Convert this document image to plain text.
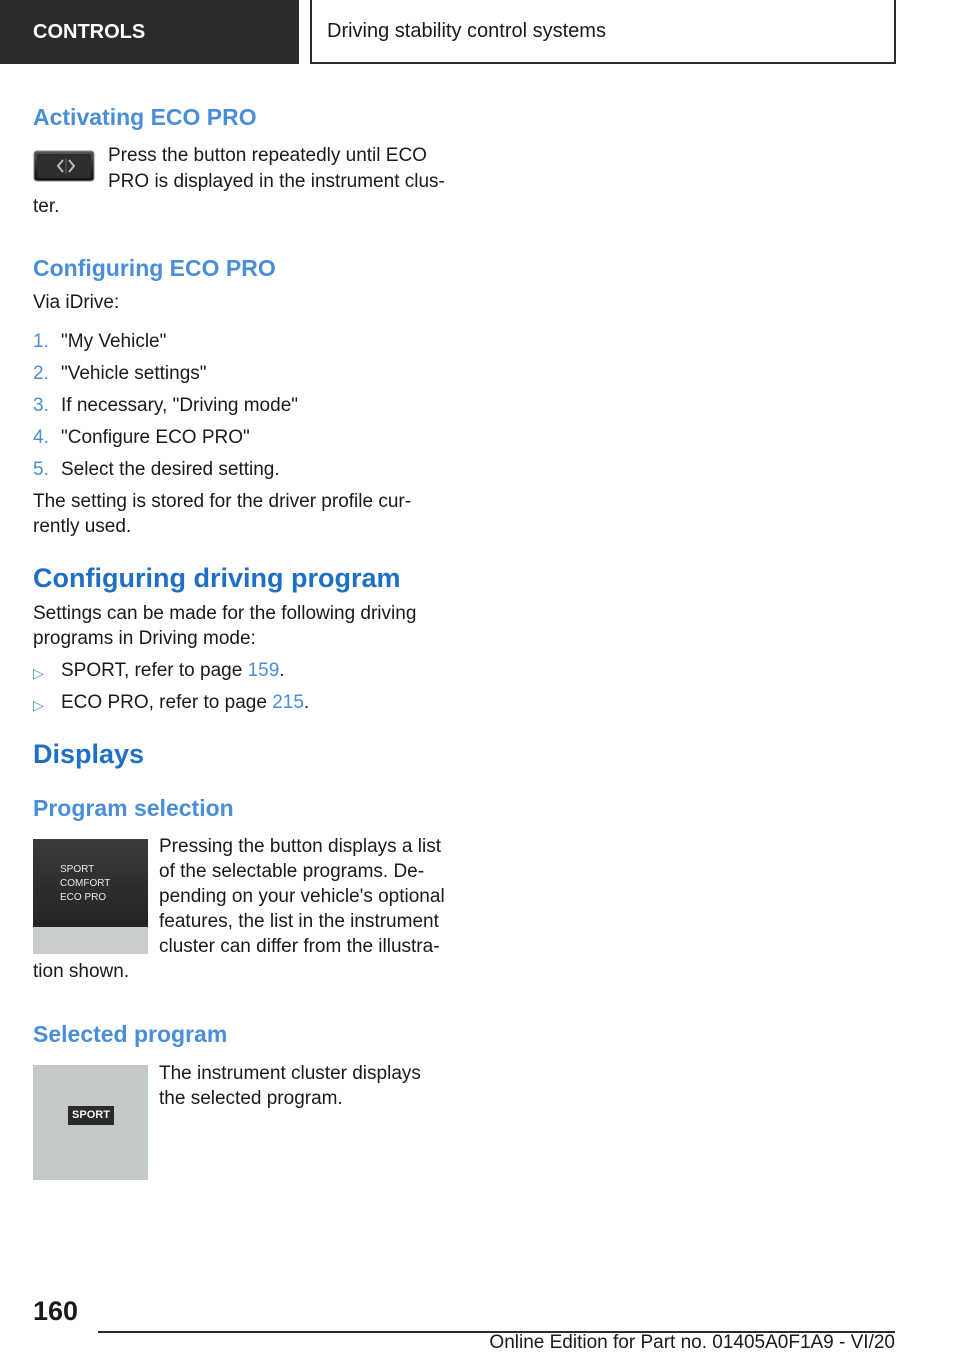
CONTROLS	Driving stability control systems
Activating ECO PRO
Press the button repeatedly until ECO
PRO is displayed in the instrument clus-
ter.
Configuring ECO PRO
Via iDrive:
1. "My Vehicle"
2. "Vehicle settings"
3. If necessary, "Driving mode"
4. "Configure ECO PRO"
5. Select the desired setting.
The setting is stored for the driver profile cur-
rently used.
Configuring driving program
Settings can be made for the following driving
programs in Driving mode:
▷ SPORT, refer to page 159.
▷ ECO PRO, refer to page 215.
Displays
Program selection
SPORT
COMFORT
ECO PRO
Pressing the button displays a list
of the selectable programs. De-
pending on your vehicle's optional
features, the list in the instrument
cluster can differ from the illustra-
tion shown.
Selected program
SPORT
The instrument cluster displays
the selected program.
160
Online Edition for Part no. 01405A0F1A9 - VI/20
